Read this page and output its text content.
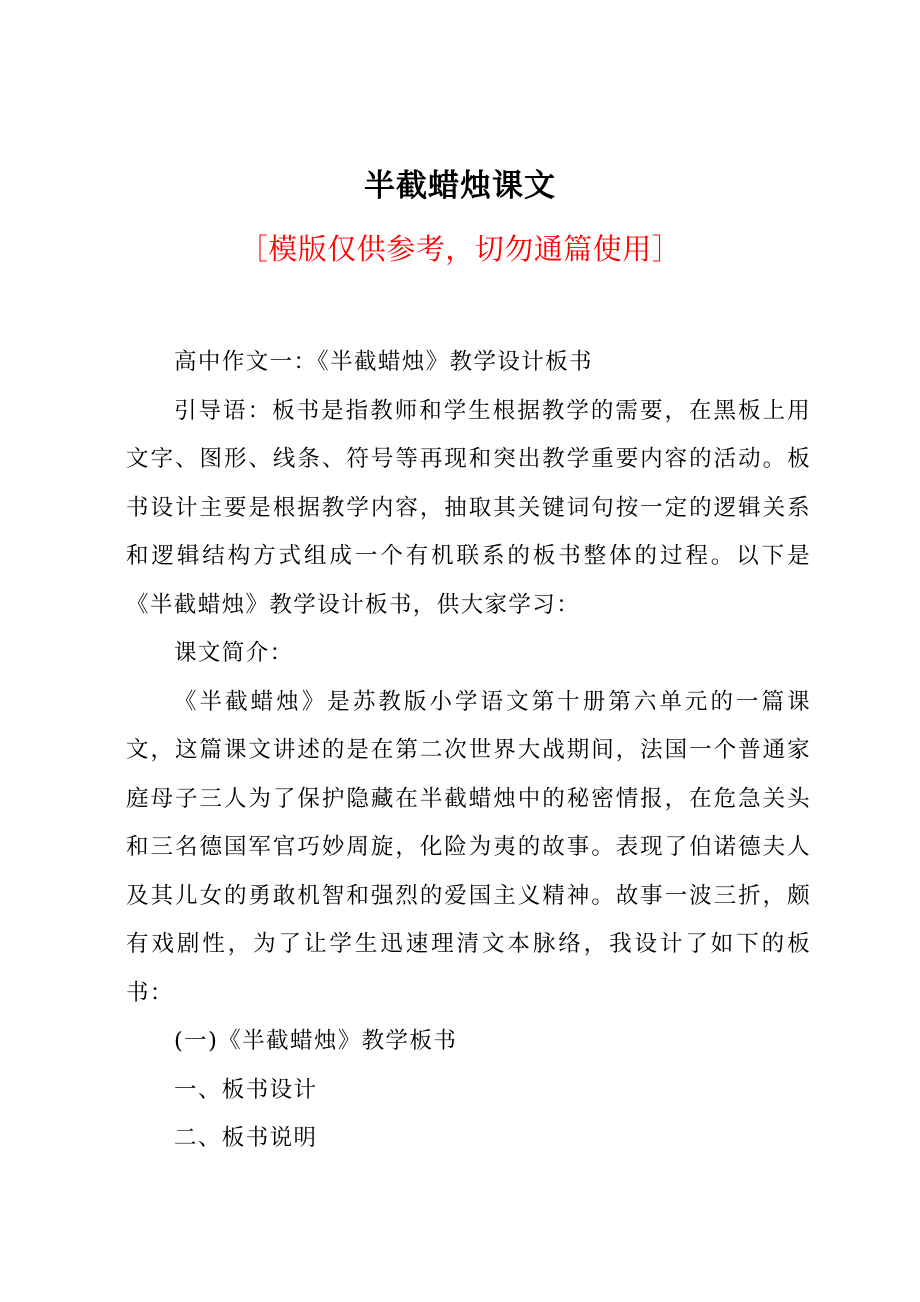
半截蜡烛课文
［模版仅供参考，切勿通篇使用］

高中作文一：《半截蜡烛》教学设计板书

引导语：板书是指教师和学生根据教学的需要，在黑板上用文字、图形、线条、符号等再现和突出教学重要内容的活动。板书设计主要是根据教学内容，抽取其关键词句按一定的逻辑关系和逻辑结构方式组成一个有机联系的板书整体的过程。以下是《半截蜡烛》教学设计板书，供大家学习：

课文简介：

《半截蜡烛》是苏教版小学语文第十册第六单元的一篇课文，这篇课文讲述的是在第二次世界大战期间，法国一个普通家庭母子三人为了保护隐藏在半截蜡烛中的秘密情报，在危急关头和三名德国军官巧妙周旋，化险为夷的故事。表现了伯诺德夫人及其儿女的勇敢机智和强烈的爱国主义精神。故事一波三折，颇有戏剧性，为了让学生迅速理清文本脉络，我设计了如下的板书：

(一)《半截蜡烛》教学板书

一、板书设计

二、板书说明
